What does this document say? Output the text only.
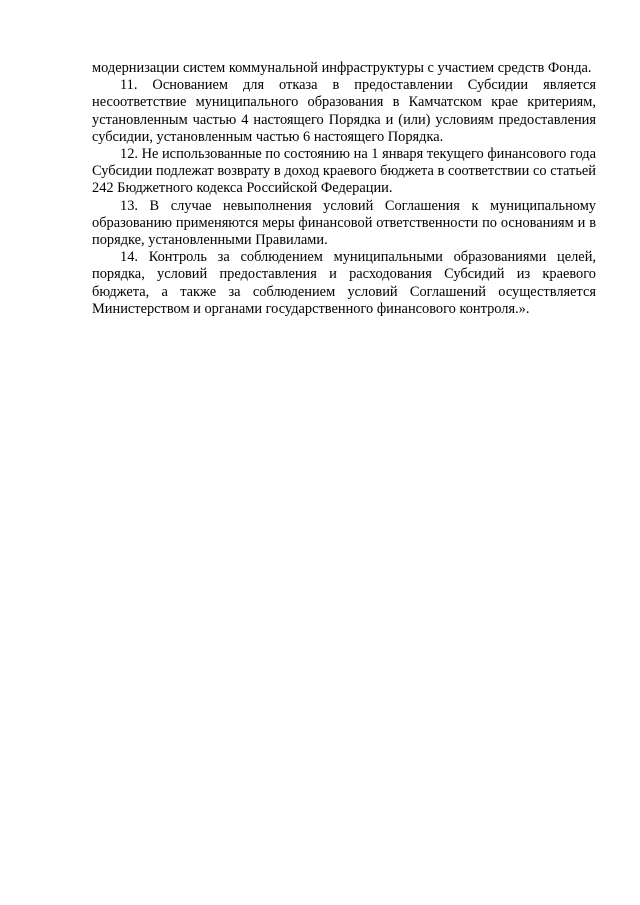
модернизации систем коммунальной инфраструктуры с участием средств Фонда.

11. Основанием для отказа в предоставлении Субсидии является несоответствие муниципального образования в Камчатском крае критериям, установленным частью 4 настоящего Порядка и (или) условиям предоставления субсидии, установленным частью 6 настоящего Порядка.

12. Не использованные по состоянию на 1 января текущего финансового года Субсидии подлежат возврату в доход краевого бюджета в соответствии со статьей 242 Бюджетного кодекса Российской Федерации.

13. В случае невыполнения условий Соглашения к муниципальному образованию применяются меры финансовой ответственности по основаниям и в порядке, установленными Правилами.

14. Контроль за соблюдением муниципальными образованиями целей, порядка, условий предоставления и расходования Субсидий из краевого бюджета, а также за соблюдением условий Соглашений осуществляется Министерством и органами государственного финансового контроля.».
